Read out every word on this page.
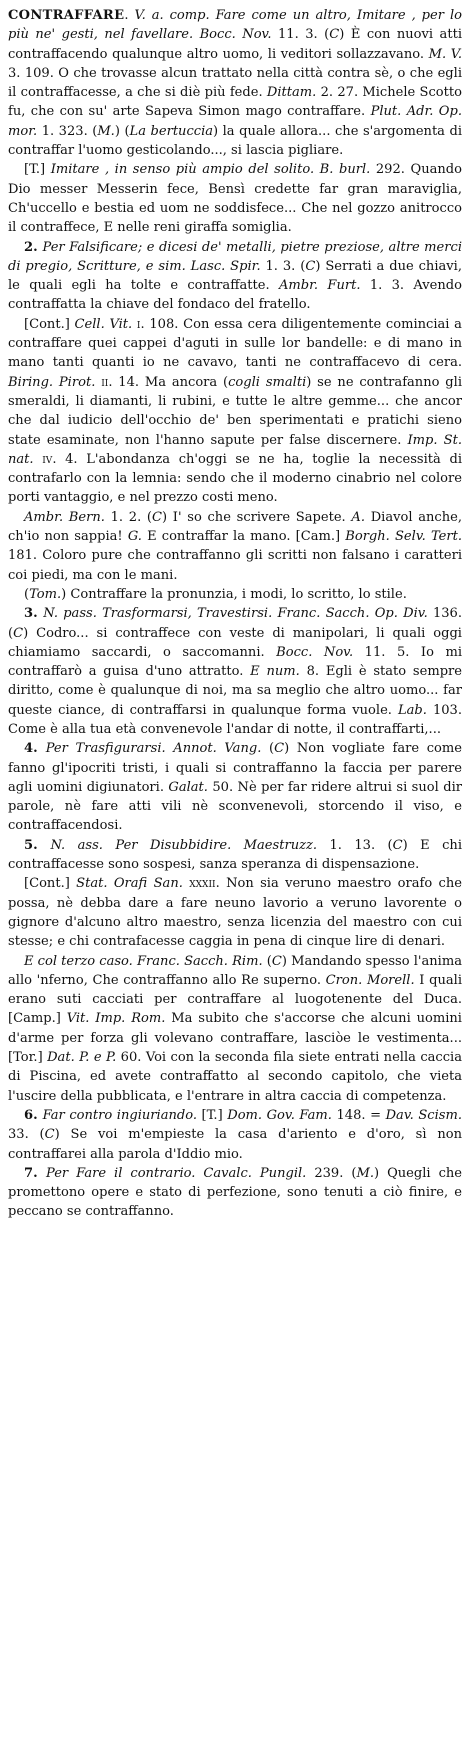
CONTRAFFARE. V. a. comp. Fare come un altro, Imitare , per lo più ne' gesti, nel favellare. Bocc. Nov. 11. 3. (C) È con nuovi atti contraffacendo qualunque altro uomo, li veditori sollazzavano. M. V. 3. 109. O che trovasse alcun trattato nella città contra sè, o che egli il contraffacesse, a che si diè più fede. Dittam. 2. 27. Michele Scotto fu, che con su' arte Sapeva Simon mago contraffare. Plut. Adr. Op. mor. 1. 323. (M.) (La bertuccia) la quale allora... che s'argomenta di contraffar l'uomo gesticolando..., si lascia pigliare.

[T.] Imitare , in senso più ampio del solito. B. burl. 292. Quando Dio messer Messerin fece, Bensì credette far gran maraviglia, Ch'uccello e bestia ed uom ne soddisfece... Che nel gozzo anitrocco il contraffece, E nelle reni giraffa somiglia.

2. Per Falsificare; e dicesi de' metalli, pietre preziose, altre merci di pregio, Scritture, e sim. Lasc. Spir. 1. 3. (C) Serrati a due chiavi, le quali egli ha tolte e contraffatte. Ambr. Furt. 1. 3. Avendo contraffatta la chiave del fondaco del fratello.

[Cont.] Cell. Vit. i. 108. Con essa cera diligentemente cominciai a contraffare quei cappei d'aguti in sulle lor bandelle: e di mano in mano tanti quanti io ne cavavo, tanti ne contraffacevo di cera. Biring. Pirot. ii. 14. Ma ancora (cogli smalti) se ne contrafanno gli smeraldi, li diamanti, li rubini, e tutte le altre gemme... che ancor che dal iudicio dell'occhio de' ben sperimentati e pratichi sieno state esaminate, non l'hanno sapute per false discernere. Imp. St. nat. iv. 4. L'abondanza ch'oggi se ne ha, toglie la necessità di contrafarlo con la lemnia: sendo che il moderno cinabrio nel colore porti vantaggio, e nel prezzo costi meno.

Ambr. Bern. 1. 2. (C) I' so che scrivere Sapete. A. Diavol anche, ch'io non sappia! G. E contraffar la mano. [Cam.] Borgh. Selv. Tert. 181. Coloro pure che contraffanno gli scritti non falsano i caratteri coi piedi, ma con le mani.

(Tom.) Contraffare la pronunzia, i modi, lo scritto, lo stile.

3. N. pass. Trasformarsi, Travestirsi. Franc. Sacch. Op. Div. 136. (C) Codro... si contraffece con veste di manipolari, li quali oggi chiamiamo saccardi, o saccomanni. Bocc. Nov. 11. 5. Io mi contraffarò a guisa d'uno attratto. E num. 8. Egli è stato sempre diritto, come è qualunque di noi, ma sa meglio che altro uomo... far queste ciance, di contraffarsi in qualunque forma vuole. Lab. 103. Come è alla tua età convenevole l'andar di notte, il contraffarti,...

4. Per Trasfigurarsi. Annot. Vang. (C) Non vogliate fare come fanno gl'ipocriti tristi, i quali si contraffanno la faccia per parere agli uomini digiunatori. Galat. 50. Nè per far ridere altrui si suol dir parole, nè fare atti vili nè sconvenevoli, storcendo il viso, e contraffacendosi.

5. N. ass. Per Disubbidire. Maestruzz. 1. 13. (C) E chi contraffacesse sono sospesi, sanza speranza di dispensazione.

[Cont.] Stat. Orafi San. xxxii. Non sia veruno maestro orafo che possa, nè debba dare a fare neuno lavorio a veruno lavorente o gignore d'alcuno altro maestro, senza licenzia del maestro con cui stesse; e chi contrafacesse caggia in pena di cinque lire di denari.

E col terzo caso. Franc. Sacch. Rim. (C) Mandando spesso l'anima allo 'nferno, Che contraffanno allo Re superno. Cron. Morell. I quali erano suti cacciati per contraffare al luogotenente del Duca. [Camp.] Vit. Imp. Rom. Ma subito che s'accorse che alcuni uomini d'arme per forza gli volevano contraffare, lasciòe le vestimenta... [Tor.] Dat. P. e P. 60. Voi con la seconda fila siete entrati nella caccia di Piscina, ed avete contraffatto al secondo capitolo, che vieta l'uscire della pubblicata, e l'entrare in altra caccia di competenza.

6. Far contro ingiuriando. [T.] Dom. Gov. Fam. 148. = Dav. Scism. 33. (C) Se voi m'empieste la casa d'ariento e d'oro, sì non contraffarei alla parola d'Iddio mio.

7. Per Fare il contrario. Cavalc. Pungil. 239. (M.) Quegli che promettono opere e stato di perfezione, sono tenuti a ciò finire, e peccano se contraffanno.
